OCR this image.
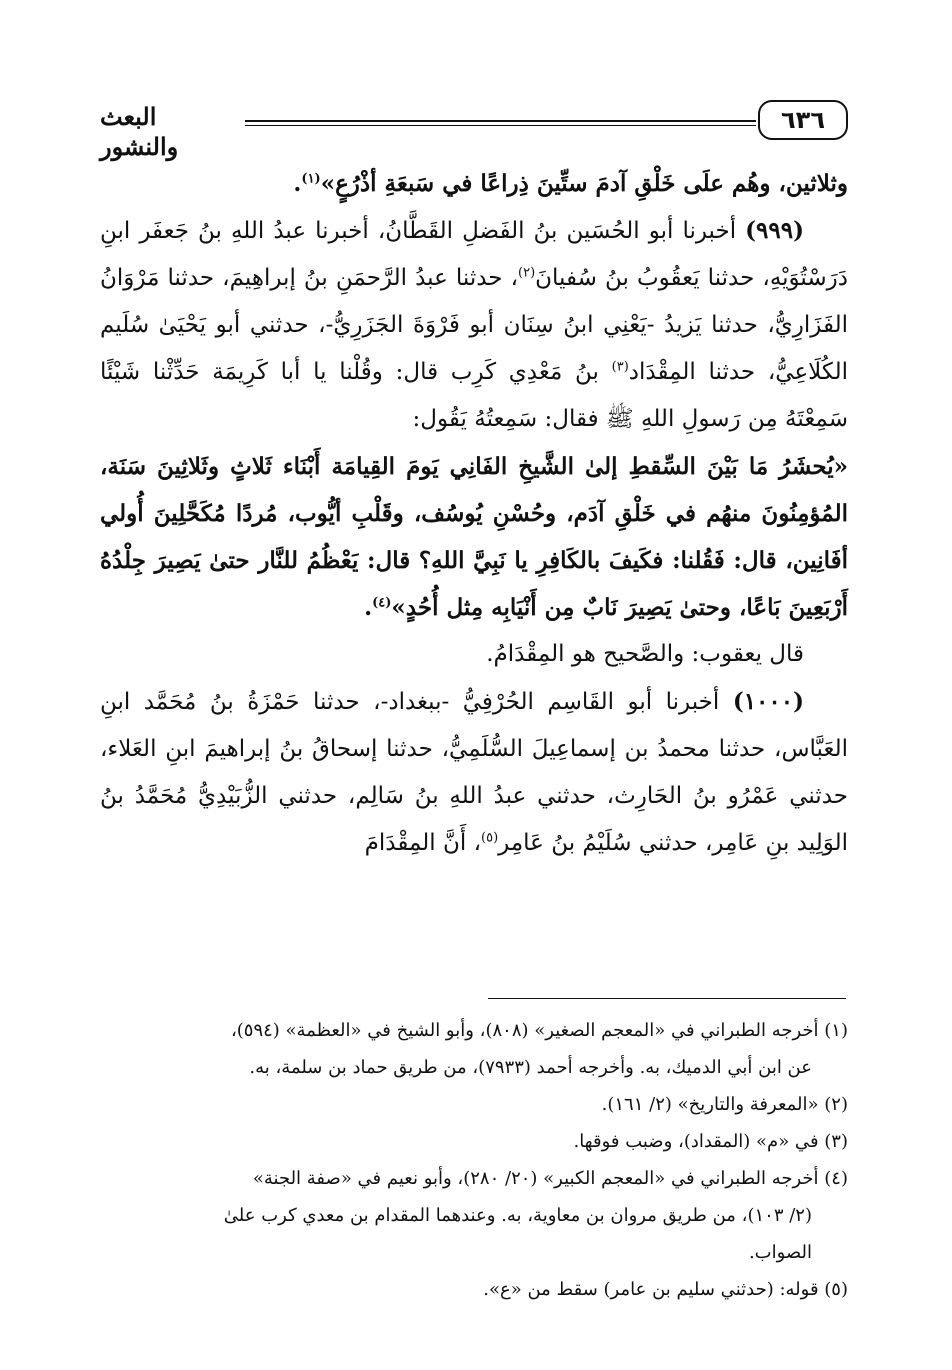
٦٣٦
البعث والنشور

وثلاثين، وهُم علَى خَلْقِ آدمَ ستِّينَ ذِراعًا في سَبعَةِ أذْرُعٍ»$^{(١)}$.

(٩٩٩) أخبرنا أبو الحُسَين بنُ الفَضلِ القَطَّانُ، أخبرنا عبدُ اللهِ بنُ جَعفَر ابنِ دَرَسْتُوَيْهِ، حدثنا يَعقُوبُ بنُ سُفيانَ$^{(٢)}$، حدثنا عبدُ الرَّحمَنِ بنُ إبراهِيمَ، حدثنا مَرْوَانُ الفَزَارِيُّ، حدثنا يَزيدُ -يَعْنِي ابنُ سِنَان أبو فَرْوَةَ الجَزَرِيُّ-، حدثني أبو يَحْيَىٰ سُلَيم الكُلَاعِيُّ، حدثنا المِقْدَاد$^{(٣)}$ بنُ مَعْدِي كَرِب قال: وقُلْنا يا أبا كَرِيمَة حَدِّثْنا شَيْئًا سَمِعْتَهُ مِن رَسولِ اللهِ ﷺ فقال: سَمِعتُهُ يَقُول:

«يُحشَرُ مَا بَيْنَ السِّقطِ إلىٰ الشَّيخِ الفَانِي يَومَ القِيامَة أَبْنَاء ثَلاثٍ وثَلاثِينَ سَنَة، المُؤمِنُونَ منهُم في خَلْقِ آدَم، وحُسْنِ يُوسُف، وقَلْبِ أيُّوب، مُردًا مُكَحَّلِينَ أُولي أفَانِين، قال: فَقُلنا: فكَيفَ بالكَافِرِ يا نَبِيَّ اللهِ؟ قال: يَعْظُمُ للنَّار حتىٰ يَصِيرَ جِلْدُهُ أَرْبَعِينَ بَاعًا، وحتىٰ يَصِيرَ نَابٌ مِن أَنْيَابِه مِثل أُحُدٍ»$^{(٤)}$.

قال يعقوب: والصَّحيح هو المِقْدَامُ.

(١٠٠٠) أخبرنا أبو القَاسِم الحُرْفِيُّ -ببغداد-، حدثنا حَمْزَةُ بنُ مُحَمَّد ابنِ العَبَّاس، حدثنا محمدُ بن إسماعِيلَ السُّلَمِيُّ، حدثنا إسحاقُ بنُ إبراهيمَ ابنِ العَلاء، حدثني عَمْرُو بنُ الحَارِث، حدثني عبدُ اللهِ بنُ سَالِم، حدثني الزُّبَيْدِيُّ مُحَمَّدُ بنُ الوَلِيد بنِ عَامِر، حدثني سُلَيْمُ بنُ عَامِر$^{(٥)}$، أَنَّ المِقْدَامَ

(١) أخرجه الطبراني في «المعجم الصغير» (٨٠٨)، وأبو الشيخ في «العظمة» (٥٩٤)،

عن ابن أبي الدميك، به. وأخرجه أحمد (٧٩٣٣)، من طريق حماد بن سلمة، به.

(٢) «المعرفة والتاريخ» (٢/ ١٦١).

(٣) في «م» (المقداد)، وضبب فوقها.

(٤) أخرجه الطبراني في «المعجم الكبير» (٢٠/ ٢٨٠)، وأبو نعيم في «صفة الجنة»

(٢/ ١٠٣)، من طريق مروان بن معاوية، به. وعندهما المقدام بن معدي كرب علىٰ

الصواب.

(٥) قوله: (حدثني سليم بن عامر) سقط من «ع».
